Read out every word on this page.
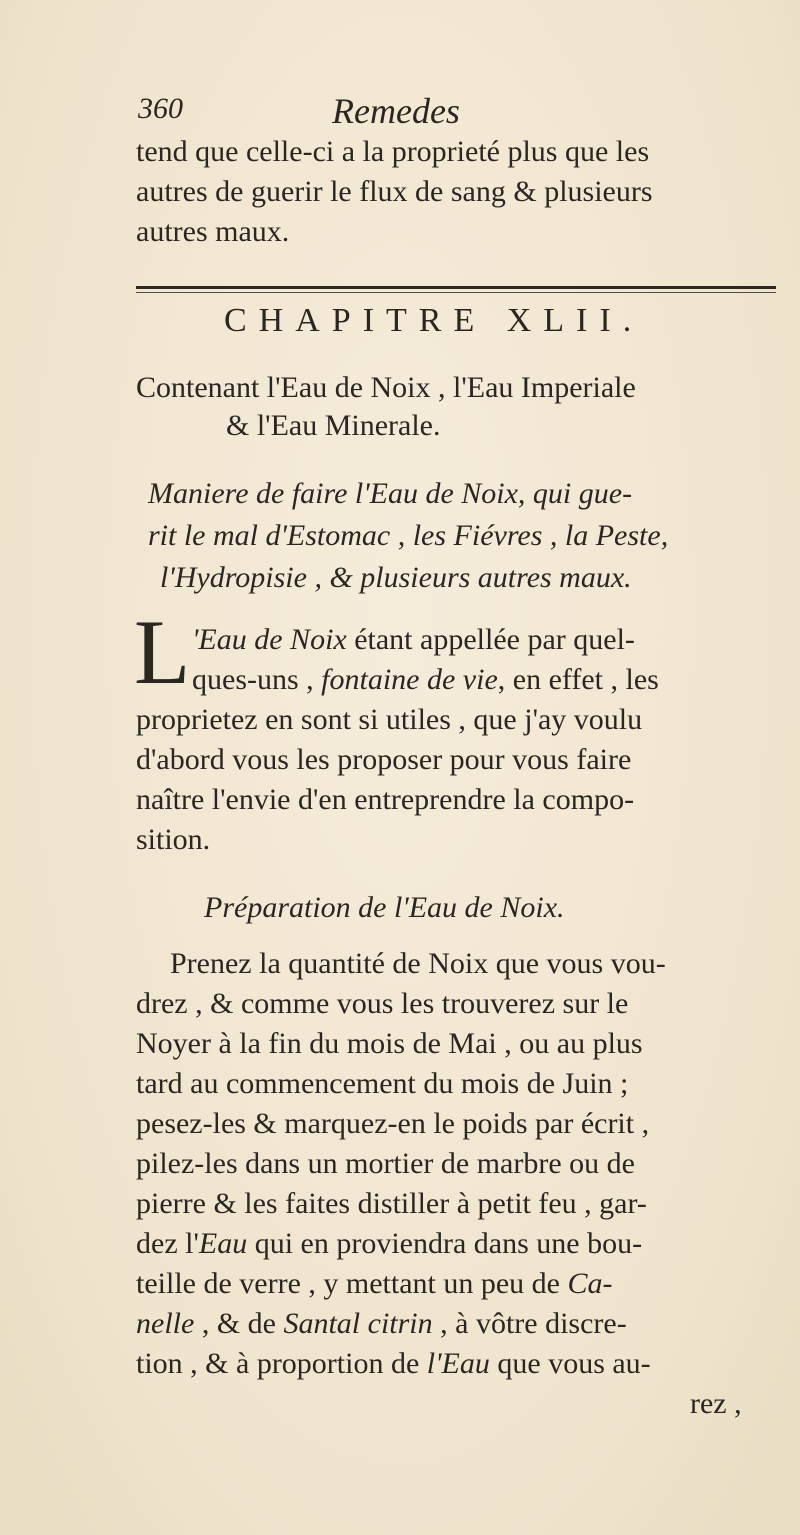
360	Remedes
tend que celle-ci a la proprieté plus que les
autres de guerir le flux de sang & plusieurs
autres maux.
CHAPITRE XLII.
Contenant l'Eau de Noix , l'Eau Imperiale
& l'Eau Minerale.
Maniere de faire l'Eau de Noix, qui gue-
rit le mal d'Estomac , les Fiévres , la Peste,
l'Hydropisie , & plusieurs autres maux.
L 'Eau de Noix étant appellée par quel-
ques-uns , fontaine de vie, en effet , les
proprietez en sont si utiles , que j'ay voulu
d'abord vous les proposer pour vous faire
naître l'envie d'en entreprendre la compo-
sition.
Préparation de l'Eau de Noix.
Prenez la quantité de Noix que vous vou-
drez , & comme vous les trouverez sur le
Noyer à la fin du mois de Mai , ou au plus
tard au commencement du mois de Juin ;
pesez-les & marquez-en le poids par écrit ,
pilez-les dans un mortier de marbre ou de
pierre & les faites distiller à petit feu , gar-
dez l'Eau qui en proviendra dans une bou-
teille de verre , y mettant un peu de Ca-
nelle , & de Santal citrin , à vôtre discre-
tion , & à proportion de l'Eau que vous au-
rez ,
